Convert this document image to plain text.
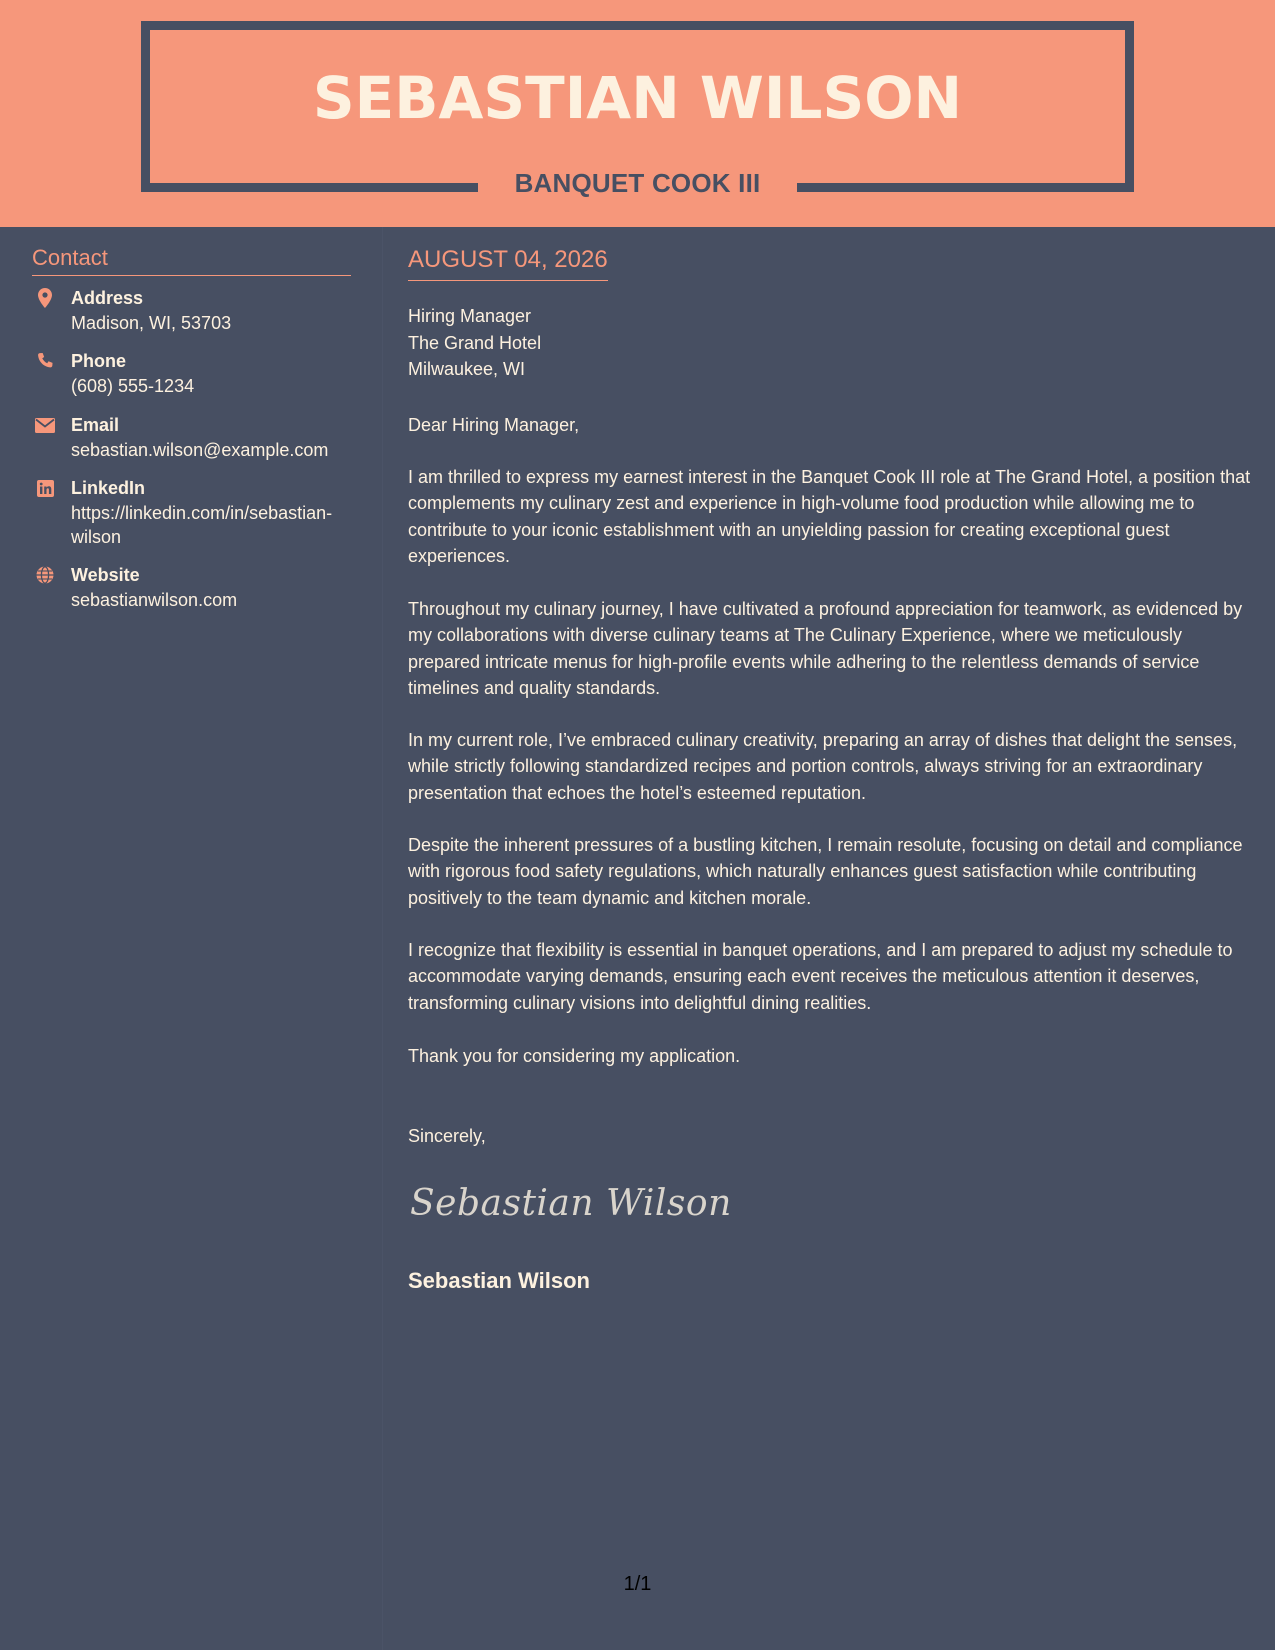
SEBASTIAN WILSON
BANQUET COOK III
Contact
Address
Madison, WI, 53703
Phone
(608) 555-1234
Email
sebastian.wilson@example.com
LinkedIn
https://linkedin.com/in/sebastianwilson
Website
sebastianwilson.com
AUGUST 04, 2026
Hiring Manager
The Grand Hotel
Milwaukee, WI

Dear Hiring Manager,

I am thrilled to express my earnest interest in the Banquet Cook III role at The Grand Hotel, a position that complements my culinary zest and experience in high-volume food production while allowing me to contribute to your iconic establishment with an unyielding passion for creating exceptional guest experiences.

Throughout my culinary journey, I have cultivated a profound appreciation for teamwork, as evidenced by my collaborations with diverse culinary teams at The Culinary Experience, where we meticulously prepared intricate menus for high-profile events while adhering to the relentless demands of service timelines and quality standards.

In my current role, I’ve embraced culinary creativity, preparing an array of dishes that delight the senses, while strictly following standardized recipes and portion controls, always striving for an extraordinary presentation that echoes the hotel’s esteemed reputation.

Despite the inherent pressures of a bustling kitchen, I remain resolute, focusing on detail and compliance with rigorous food safety regulations, which naturally enhances guest satisfaction while contributing positively to the team dynamic and kitchen morale.

I recognize that flexibility is essential in banquet operations, and I am prepared to adjust my schedule to accommodate varying demands, ensuring each event receives the meticulous attention it deserves, transforming culinary visions into delightful dining realities.

Thank you for considering my application.

Sincerely,

Sebastian Wilson
Sebastian Wilson
1/1
